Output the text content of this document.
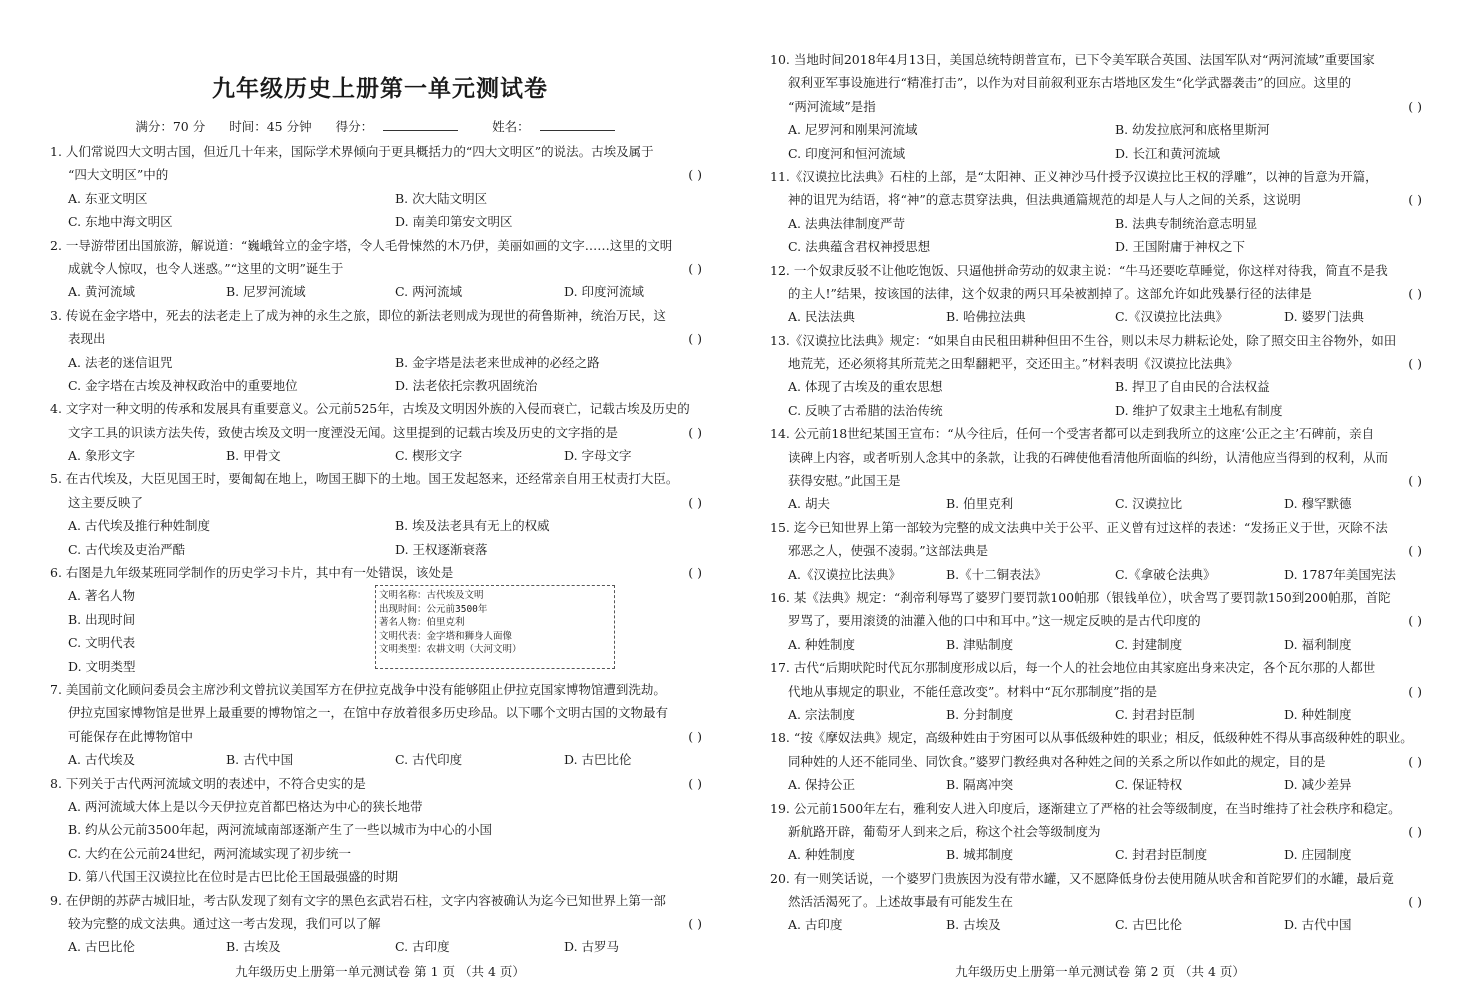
九年级历史上册第一单元测试卷
满分：70 分 时间：45 分钟 得分：	姓名：
1. 人们常说四大文明古国，但近几十年来，国际学术界倾向于更具概括力的“四大文明区”的说法。古埃及属于
“四大文明区”中的	( )
A. 东亚文明区	B. 次大陆文明区
C. 东地中海文明区	D. 南美印第安文明区
2. 一导游带团出国旅游，解说道：“巍峨耸立的金字塔，令人毛骨悚然的木乃伊，美丽如画的文字……这里的文明
成就令人惊叹，也令人迷惑。”“这里的文明”诞生于	( )
A. 黄河流域	B. 尼罗河流域	C. 两河流域	D. 印度河流域
3. 传说在金字塔中，死去的法老走上了成为神的永生之旅，即位的新法老则成为现世的荷鲁斯神，统治万民，这
表现出	( )
A. 法老的迷信诅咒	B. 金字塔是法老来世成神的必经之路
C. 金字塔在古埃及神权政治中的重要地位	D. 法老依托宗教巩固统治
4. 文字对一种文明的传承和发展具有重要意义。公元前525年，古埃及文明因外族的入侵而衰亡，记载古埃及历史的
文字工具的识读方法失传，致使古埃及文明一度湮没无闻。这里提到的记载古埃及历史的文字指的是	( )
A. 象形文字	B. 甲骨文	C. 楔形文字	D. 字母文字
5. 在古代埃及，大臣见国王时，要匍匐在地上，吻国王脚下的土地。国王发起怒来，还经常亲自用王杖责打大臣。
这主要反映了	( )
A. 古代埃及推行种姓制度	B. 埃及法老具有无上的权威
C. 古代埃及吏治严酷	D. 王权逐渐衰落
6. 右图是九年级某班同学制作的历史学习卡片，其中有一处错误，该处是	( )
A. 著名人物
B. 出现时间
C. 文明代表
D. 文明类型
7. 美国前文化顾问委员会主席沙利文曾抗议美国军方在伊拉克战争中没有能够阻止伊拉克国家博物馆遭到洗劫。
伊拉克国家博物馆是世界上最重要的博物馆之一，在馆中存放着很多历史珍品。以下哪个文明古国的文物最有
可能保存在此博物馆中	( )
A. 古代埃及	B. 古代中国	C. 古代印度	D. 古巴比伦
8. 下列关于古代两河流域文明的表述中，不符合史实的是	( )
A. 两河流域大体上是以今天伊拉克首都巴格达为中心的狭长地带
B. 约从公元前3500年起，两河流域南部逐渐产生了一些以城市为中心的小国
C. 大约在公元前24世纪，两河流域实现了初步统一
D. 第八代国王汉谟拉比在位时是古巴比伦王国最强盛的时期
9. 在伊朗的苏萨古城旧址，考古队发现了刻有文字的黑色玄武岩石柱，文字内容被确认为迄今已知世界上第一部
较为完整的成文法典。通过这一考古发现，我们可以了解	( )
A. 古巴比伦	B. 古埃及	C. 古印度	D. 古罗马
文明名称：古代埃及文明
出现时间：公元前3500年
著名人物：伯里克利
文明代表：金字塔和狮身人面像
文明类型：农耕文明（大河文明）
九年级历史上册第一单元测试卷 第 1 页 （共 4 页）
10. 当地时间2018年4月13日，美国总统特朗普宣布，已下令美军联合英国、法国军队对“两河流域”重要国家
叙利亚军事设施进行“精准打击”，以作为对目前叙利亚东古塔地区发生“化学武器袭击”的回应。这里的
“两河流域”是指	( )
A. 尼罗河和刚果河流域	B. 幼发拉底河和底格里斯河
C. 印度河和恒河流域	D. 长江和黄河流域
11.《汉谟拉比法典》石柱的上部，是“太阳神、正义神沙马什授予汉谟拉比王权的浮雕”，以神的旨意为开篇，
神的诅咒为结语，将“神”的意志贯穿法典，但法典通篇规范的却是人与人之间的关系，这说明	( )
A. 法典法律制度严苛	B. 法典专制统治意志明显
C. 法典蕴含君权神授思想	D. 王国附庸于神权之下
12. 一个奴隶反驳不让他吃饱饭、只逼他拼命劳动的奴隶主说：“牛马还要吃草睡觉，你这样对待我，简直不是我
的主人!”结果，按该国的法律，这个奴隶的两只耳朵被割掉了。这部允许如此残暴行径的法律是	( )
A. 民法法典	B. 哈佛拉法典	C.《汉谟拉比法典》	D. 婆罗门法典
13.《汉谟拉比法典》规定：“如果自由民租田耕种但田不生谷，则以未尽力耕耘论处，除了照交田主谷物外，如田
地荒芜，还必须将其所荒芜之田犁翻耙平，交还田主。”材料表明《汉谟拉比法典》	( )
A. 体现了古埃及的重农思想	B. 捍卫了自由民的合法权益
C. 反映了古希腊的法治传统	D. 维护了奴隶主土地私有制度
14. 公元前18世纪某国王宣布：“从今往后，任何一个受害者都可以走到我所立的这座‘公正之主’石碑前，亲自
读碑上内容，或者听别人念其中的条款，让我的石碑使他看清他所面临的纠纷，认清他应当得到的权利，从而
获得安慰。”此国王是	( )
A. 胡夫	B. 伯里克利	C. 汉谟拉比	D. 穆罕默德
15. 迄今已知世界上第一部较为完整的成文法典中关于公平、正义曾有过这样的表述：“发扬正义于世，灭除不法
邪恶之人，使强不凌弱。”这部法典是	( )
A.《汉谟拉比法典》	B.《十二铜表法》	C.《拿破仑法典》	D. 1787年美国宪法
16. 某《法典》规定：“刹帝利辱骂了婆罗门要罚款100帕那（银钱单位），吠舍骂了要罚款150到200帕那，首陀
罗骂了，要用滚烫的油灌入他的口中和耳中。”这一规定反映的是古代印度的	( )
A. 种姓制度	B. 津贴制度	C. 封建制度	D. 福利制度
17. 古代“后期吠陀时代瓦尔那制度形成以后，每一个人的社会地位由其家庭出身来决定，各个瓦尔那的人都世
代地从事规定的职业，不能任意改变”。材料中“瓦尔那制度”指的是	( )
A. 宗法制度	B. 分封制度	C. 封君封臣制	D. 种姓制度
18. “按《摩奴法典》规定，高级种姓由于穷困可以从事低级种姓的职业；相反，低级种姓不得从事高级种姓的职业。
同种姓的人还不能同坐、同饮食。”婆罗门教经典对各种姓之间的关系之所以作如此的规定，目的是	( )
A. 保持公正	B. 隔离冲突	C. 保证特权	D. 减少差异
19. 公元前1500年左右，雅利安人进入印度后，逐渐建立了严格的社会等级制度，在当时维持了社会秩序和稳定。
新航路开辟，葡萄牙人到来之后，称这个社会等级制度为	( )
A. 种姓制度	B. 城邦制度	C. 封君封臣制度	D. 庄园制度
20. 有一则笑话说，一个婆罗门贵族因为没有带水罐，又不愿降低身份去使用随从吠舍和首陀罗们的水罐，最后竟
然活活渴死了。上述故事最有可能发生在	( )
A. 古印度	B. 古埃及	C. 古巴比伦	D. 古代中国
九年级历史上册第一单元测试卷 第 2 页 （共 4 页）
